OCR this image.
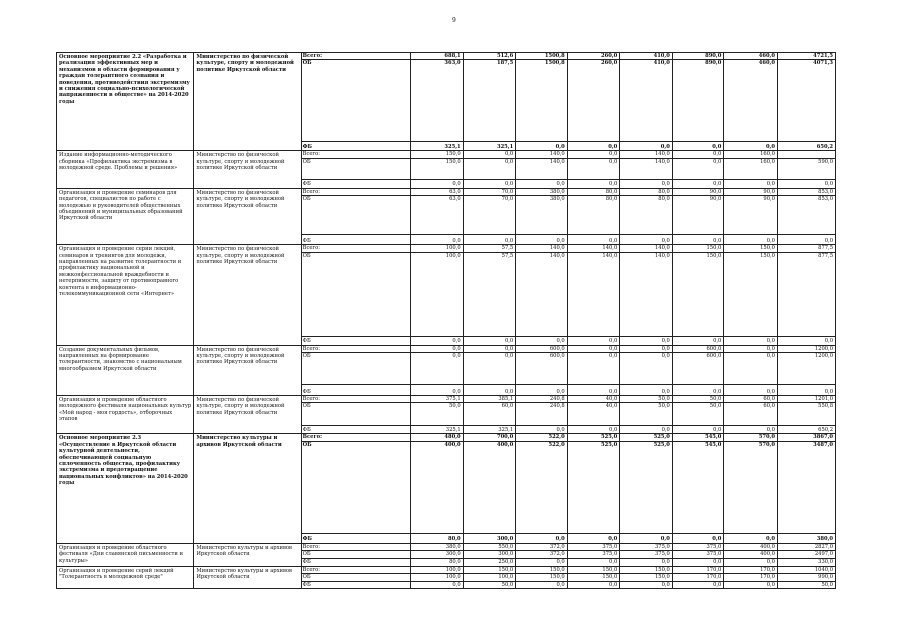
9
Основное мероприятие 2.2 «Разработка и реализация эффективных мер и механизмов в области формирования у граждан толерантного сознания и поведения, противодействия экстремизму и снижения социально-психологической напряженности в обществе» на 2014-2020 годы	Министерство по физической культуре, спорту и молодежной политике Иркутской области	Всего:	688,1	512,6	1500,8	260,0	410,0	890,0	460,0	4721,5
		ОБ	363,0	187,5	1500,8	260,0	410,0	890,0	460,0	4071,3
		ФБ	325,1	325,1	0,0	0,0	0,0	0,0	0,0	650,2
Издание информационно-методического сборника «Профилактика экстремизма в молодежной среде. Проблемы и решения»	Министерство по физической культуре, спорту и молодежной политике Иркутской области	Всего:	150,0	0,0	140,0	0,0	140,0	0,0	160,0	
		ОБ	150,0	0,0	140,0	0,0	140,0	0,0	160,0	590,0
		ФБ	0,0	0,0	0,0	0,0	0,0	0,0	0,0	0,0
Организация и проведение семинаров для педагогов, специалистов по работе с молодежью и руководителей общественных объединений и муниципальных образований Иркутской области	Министерство по физической культуре, спорту и молодежной политике Иркутской области	Всего:	63,0	70,0	380,0	80,0	80,0	90,0	90,0	853,0
		ОБ	63,0	70,0	380,0	80,0	80,0	90,0	90,0	853,0
		ФБ	0,0	0,0	0,0	0,0	0,0	0,0	0,0	0,0
Организация и проведение серии лекций, семинаров и тренингов для молодежи, направленных на развитие толерантности и профилактику национальной и межконфессиональной враждебности и нетерпимости, защиту от противоправного контента в информационно-телекоммуникационной сети «Интернет»	Министерство по физической культуре, спорту и молодежной политике Иркутской области	Всего:	100,0	57,5	140,0	140,0	140,0	150,0	150,0	877,5
		ОБ	100,0	57,5	140,0	140,0	140,0	150,0	150,0	877,5
		ФБ	0,0	0,0	0,0	0,0	0,0	0,0	0,0	0,0
Создание документальных фильмов, направленных на формирование толерантности, знакомство с национальным многообразием Иркутской области	Министерство по физической культуре, спорту и молодежной политике Иркутской области	Всего:	0,0	0,0	600,0	0,0	0,0	600,0	0,0	1200,0
		ОБ	0,0	0,0	600,0	0,0	0,0	600,0	0,0	1200,0
		ФБ	0,0	0,0	0,0	0,0	0,0	0,0	0,0	0,0
Организация и проведение областного молодежного фестиваля национальных культур «Мой народ - моя гордость», отборочных этапов	Министерство по физической культуре, спорту и молодежной политике Иркутской области	Всего:	375,1	385,1	240,8	40,0	50,0	50,0	60,0	1201,0
		ОБ	50,0	60,0	240,8	40,0	50,0	50,0	60,0	550,8
		ФБ	325,1	325,1	0,0	0,0	0,0	0,0	0,0	650,2
Основное мероприятие 2.3 «Осуществление в Иркутской области культурной деятельности, обеспечивающей социальную сплоченность общества, профилактику экстремизма и предотвращение национальных конфликтов» на 2014-2020 годы	Министерство культуры и архивов Иркутской области	Всего:	480,0	700,0	522,0	525,0	525,0	545,0	570,0	3867,0
		ОБ	400,0	400,0	522,0	525,0	525,0	545,0	570,0	3487,0
		ФБ	80,0	300,0	0,0	0,0	0,0	0,0	0,0	380,0
Организация и проведение областного фестиваля «Дни славянской письменности и культуры»	Министерство культуры и архивов Иркутской области	Всего:	380,0	550,0	372,0	375,0	375,0	375,0	400,0	2827,0
		ОБ	300,0	300,0	372,0	375,0	375,0	375,0	400,0	2497,0
		ФБ	80,0	250,0	0,0	0,0	0,0	0,0	0,0	330,0
Организация и проведение серий лекций "Толерантность в молодежной среде"	Министерство культуры и архивов Иркутской области	Всего:	100,0	150,0	150,0	150,0	150,0	170,0	170,0	1040,0
		ОБ	100,0	100,0	150,0	150,0	150,0	170,0	170,0	990,0
		ФБ	0,0	50,0	0,0	0,0	0,0	0,0	0,0	50,0
